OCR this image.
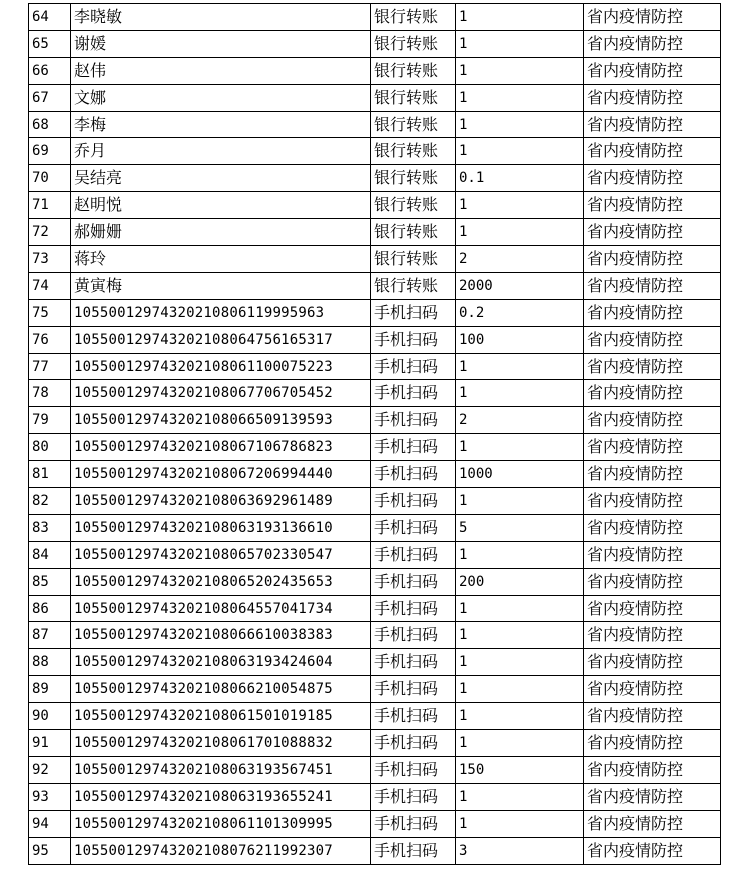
64	李晓敏	银行转账	1	省内疫情防控
65	谢媛	银行转账	1	省内疫情防控
66	赵伟	银行转账	1	省内疫情防控
67	文娜	银行转账	1	省内疫情防控
68	李梅	银行转账	1	省内疫情防控
69	乔月	银行转账	1	省内疫情防控
70	吴结亮	银行转账	0.1	省内疫情防控
71	赵明悦	银行转账	1	省内疫情防控
72	郝姗姗	银行转账	1	省内疫情防控
73	蒋玲	银行转账	2	省内疫情防控
74	黄寅梅	银行转账	2000	省内疫情防控
75	10550012974320210806119995963	手机扫码	0.2	省内疫情防控
76	105500129743202108064756165317	手机扫码	100	省内疫情防控
77	105500129743202108061100075223	手机扫码	1	省内疫情防控
78	105500129743202108067706705452	手机扫码	1	省内疫情防控
79	105500129743202108066509139593	手机扫码	2	省内疫情防控
80	105500129743202108067106786823	手机扫码	1	省内疫情防控
81	105500129743202108067206994440	手机扫码	1000	省内疫情防控
82	105500129743202108063692961489	手机扫码	1	省内疫情防控
83	105500129743202108063193136610	手机扫码	5	省内疫情防控
84	105500129743202108065702330547	手机扫码	1	省内疫情防控
85	105500129743202108065202435653	手机扫码	200	省内疫情防控
86	105500129743202108064557041734	手机扫码	1	省内疫情防控
87	105500129743202108066610038383	手机扫码	1	省内疫情防控
88	105500129743202108063193424604	手机扫码	1	省内疫情防控
89	105500129743202108066210054875	手机扫码	1	省内疫情防控
90	105500129743202108061501019185	手机扫码	1	省内疫情防控
91	105500129743202108061701088832	手机扫码	1	省内疫情防控
92	105500129743202108063193567451	手机扫码	150	省内疫情防控
93	105500129743202108063193655241	手机扫码	1	省内疫情防控
94	105500129743202108061101309995	手机扫码	1	省内疫情防控
95	105500129743202108076211992307	手机扫码	3	省内疫情防控
